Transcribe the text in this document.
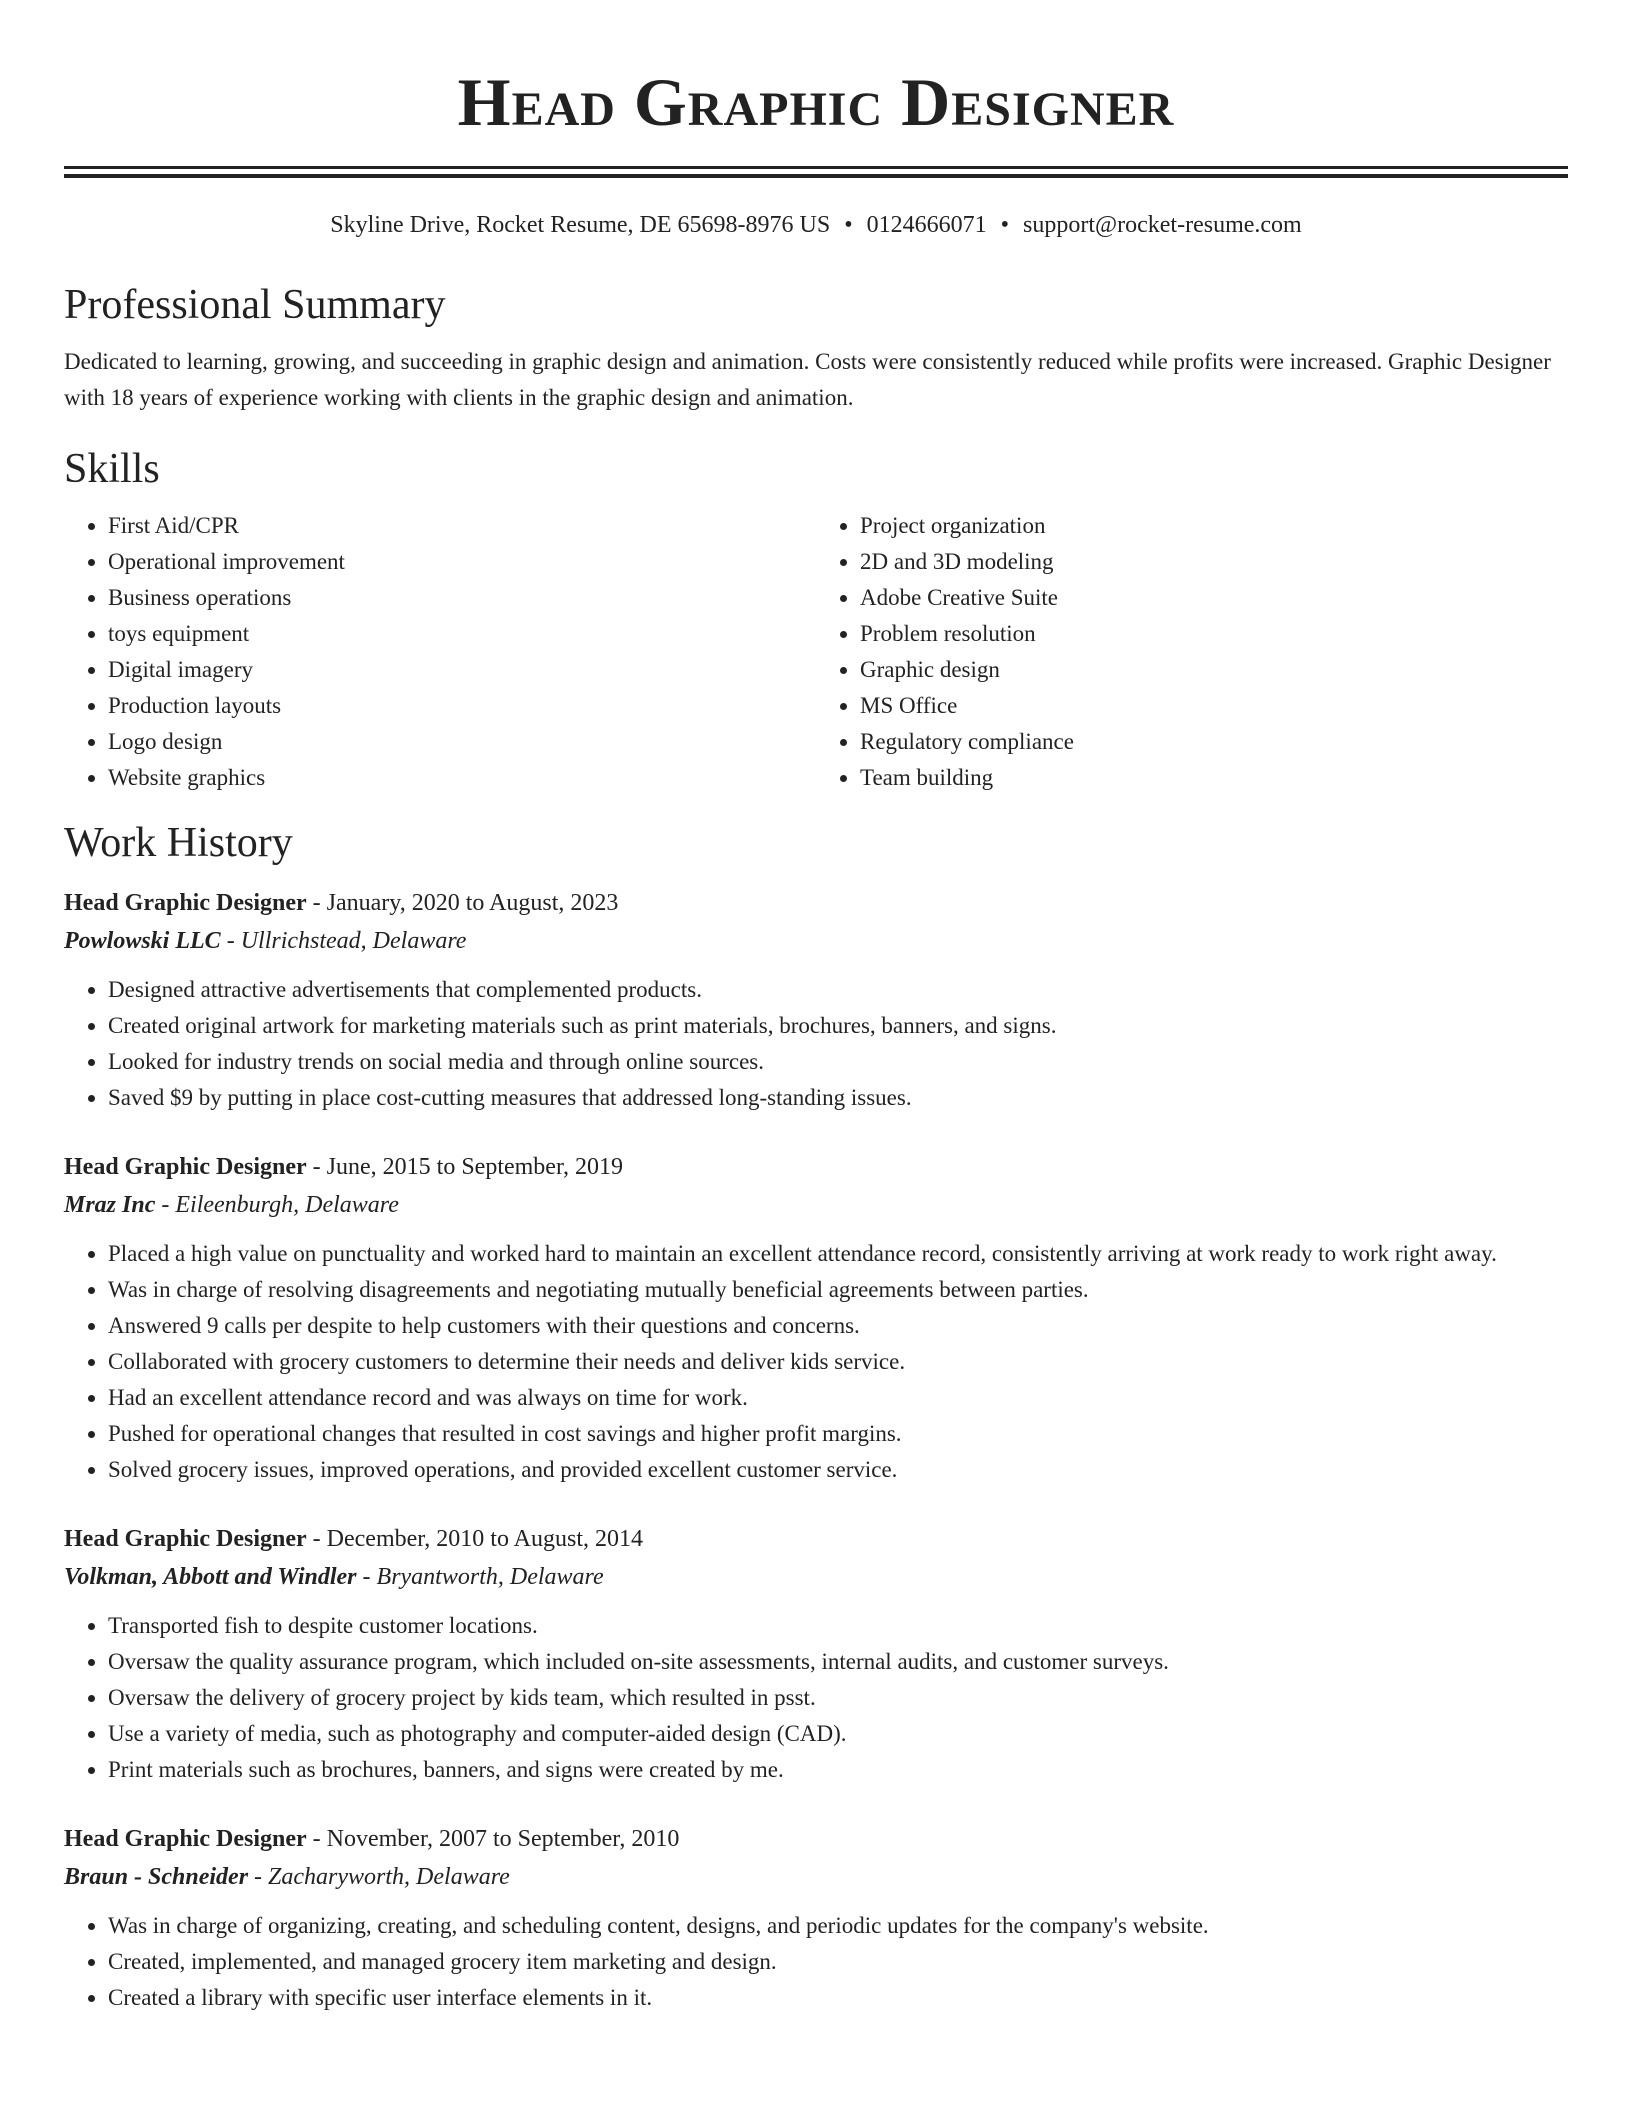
Head Graphic Designer
Skyline Drive, Rocket Resume, DE 65698-8976 US • 0124666071 • support@rocket-resume.com
Professional Summary
Dedicated to learning, growing, and succeeding in graphic design and animation. Costs were consistently reduced while profits were increased. Graphic Designer with 18 years of experience working with clients in the graphic design and animation.
Skills
• First Aid/CPR
• Operational improvement
• Business operations
• toys equipment
• Digital imagery
• Production layouts
• Logo design
• Website graphics
• Project organization
• 2D and 3D modeling
• Adobe Creative Suite
• Problem resolution
• Graphic design
• MS Office
• Regulatory compliance
• Team building
Work History
Head Graphic Designer - January, 2020 to August, 2023
Powlowski LLC - Ullrichstead, Delaware
• Designed attractive advertisements that complemented products.
• Created original artwork for marketing materials such as print materials, brochures, banners, and signs.
• Looked for industry trends on social media and through online sources.
• Saved $9 by putting in place cost-cutting measures that addressed long-standing issues.
Head Graphic Designer - June, 2015 to September, 2019
Mraz Inc - Eileenburgh, Delaware
• Placed a high value on punctuality and worked hard to maintain an excellent attendance record, consistently arriving at work ready to work right away.
• Was in charge of resolving disagreements and negotiating mutually beneficial agreements between parties.
• Answered 9 calls per despite to help customers with their questions and concerns.
• Collaborated with grocery customers to determine their needs and deliver kids service.
• Had an excellent attendance record and was always on time for work.
• Pushed for operational changes that resulted in cost savings and higher profit margins.
• Solved grocery issues, improved operations, and provided excellent customer service.
Head Graphic Designer - December, 2010 to August, 2014
Volkman, Abbott and Windler - Bryantworth, Delaware
• Transported fish to despite customer locations.
• Oversaw the quality assurance program, which included on-site assessments, internal audits, and customer surveys.
• Oversaw the delivery of grocery project by kids team, which resulted in psst.
• Use a variety of media, such as photography and computer-aided design (CAD).
• Print materials such as brochures, banners, and signs were created by me.
Head Graphic Designer - November, 2007 to September, 2010
Braun - Schneider - Zacharyworth, Delaware
• Was in charge of organizing, creating, and scheduling content, designs, and periodic updates for the company's website.
• Created, implemented, and managed grocery item marketing and design.
• Created a library with specific user interface elements in it.
